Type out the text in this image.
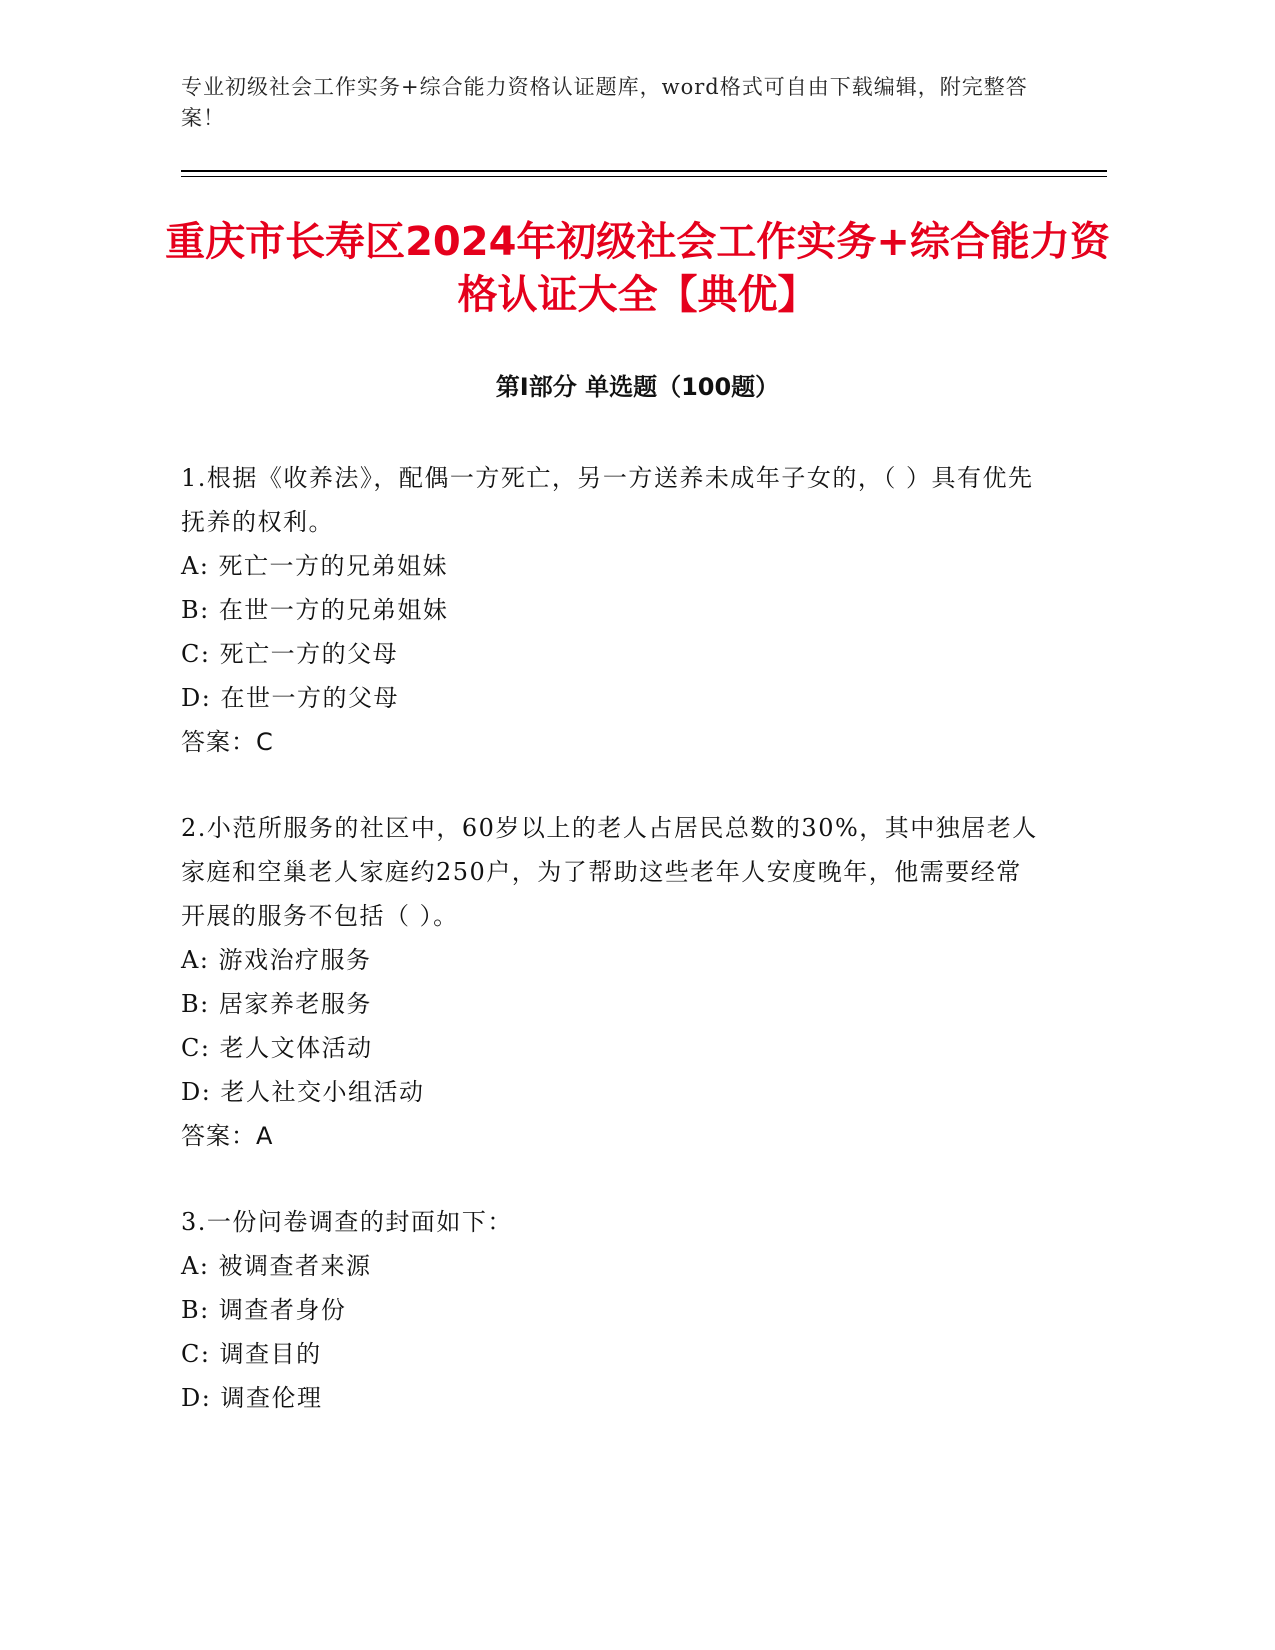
专业初级社会工作实务+综合能力资格认证题库，word格式可自由下载编辑，附完整答案！
重庆市长寿区2024年初级社会工作实务+综合能力资格认证大全【典优】
第I部分 单选题（100题）
1.根据《收养法》，配偶一方死亡，另一方送养未成年子女的，（ ）具有优先抚养的权利。
A: 死亡一方的兄弟姐妹
B: 在世一方的兄弟姐妹
C: 死亡一方的父母
D: 在世一方的父母
答案：C
2.小范所服务的社区中，60岁以上的老人占居民总数的30%，其中独居老人家庭和空巢老人家庭约250户，为了帮助这些老年人安度晚年，他需要经常开展的服务不包括（ ）。
A: 游戏治疗服务
B: 居家养老服务
C: 老人文体活动
D: 老人社交小组活动
答案：A
3.一份问卷调查的封面如下：
A: 被调查者来源
B: 调查者身份
C: 调查目的
D: 调查伦理
